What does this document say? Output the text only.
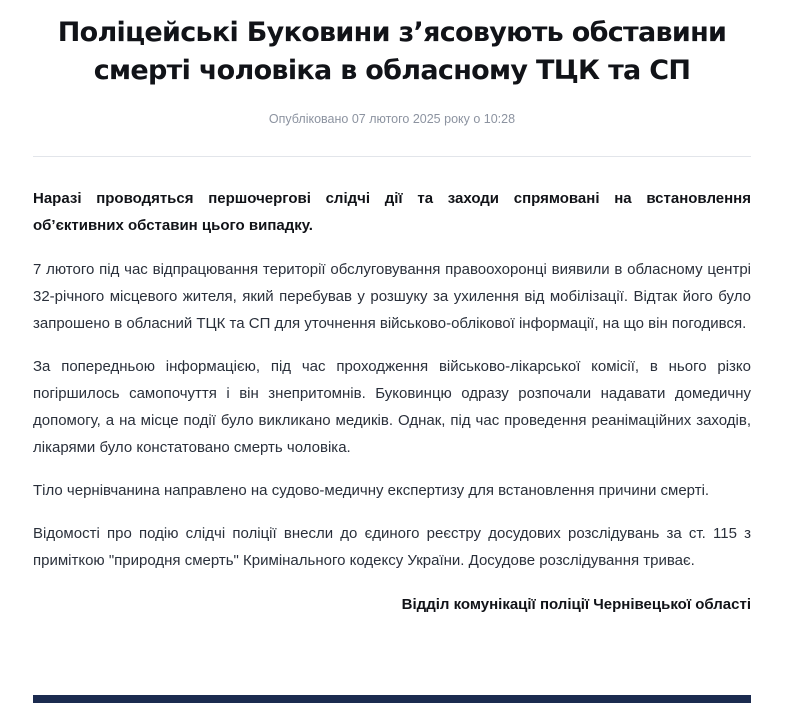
Поліцейські Буковини з’ясовують обставини смерті чоловіка в обласному ТЦК та СП
Опубліковано 07 лютого 2025 року о 10:28

Наразі проводяться першочергові слідчі дії та заходи спрямовані на встановлення об’єктивних обставин цього випадку.

7 лютого під час відпрацювання території обслуговування правоохоронці виявили в обласному центрі 32-річного місцевого жителя, який перебував у розшуку за ухилення від мобілізації. Відтак його було запрошено в обласний ТЦК та СП для уточнення військово-облікової інформації, на що він погодився.

За попередньою інформацією, під час проходження військово-лікарської комісії, в нього різко погіршилось самопочуття і він знепритомнів. Буковинцю одразу розпочали надавати домедичну допомогу, а на місце події було викликано медиків. Однак, під час проведення реанімаційних заходів, лікарями було констатовано смерть чоловіка.

Тіло чернівчанина направлено на судово-медичну експертизу для встановлення причини смерті.

Відомості про подію слідчі поліції внесли до єдиного реєстру досудових розслідувань за ст. 115 з приміткою "природня смерть" Кримінального кодексу України. Досудове розслідування триває.

Відділ комунікації поліції Чернівецької області
